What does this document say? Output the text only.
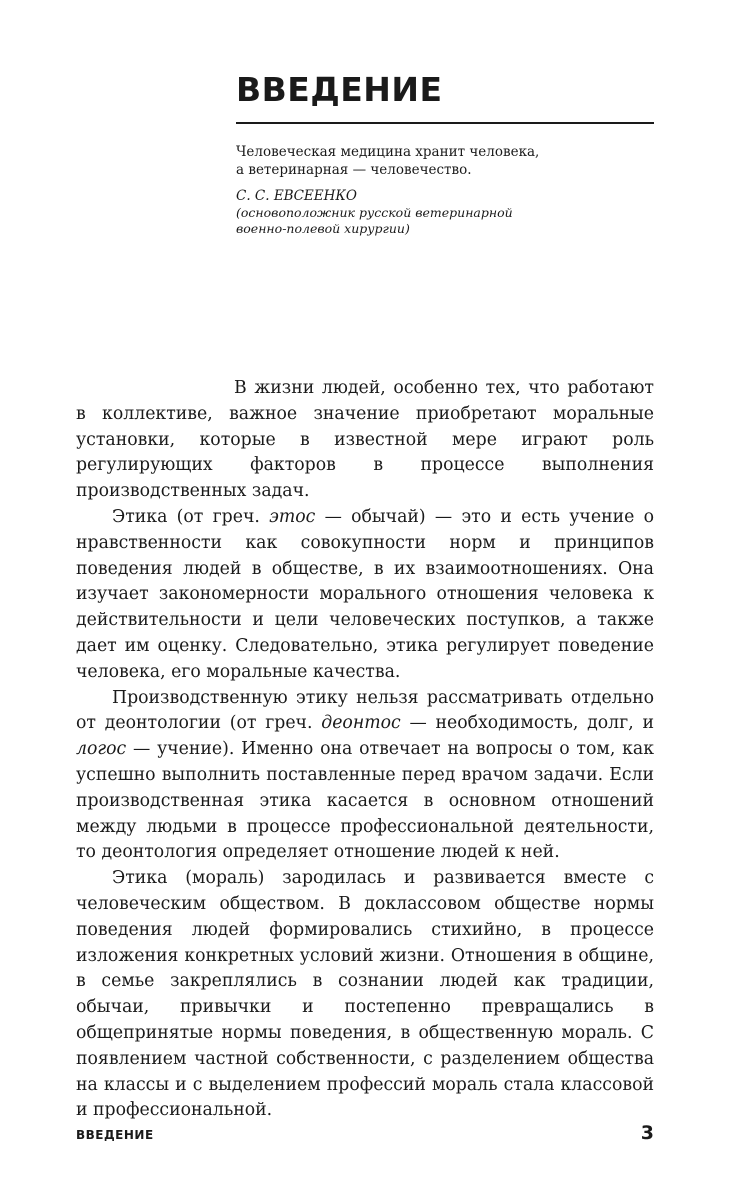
ВВЕДЕНИЕ

Человеческая медицина хранит человека,
а ветеринарная — человечество.

С. С. ЕВСЕЕНКО

(основоположник русской ветеринарной
военно-полевой хирургии)

В жизни людей, особенно тех, что работают в коллективе, важное значение приобретают моральные установки, которые в известной мере играют роль регулирующих факторов в процессе выполнения производственных задач.

Этика (от греч. этос — обычай) — это и есть учение о нравственности как совокупности норм и принципов поведения людей в обществе, в их взаимоотношениях. Она изучает закономерности морального отношения человека к действительности и цели человеческих поступков, а также дает им оценку. Следовательно, этика регулирует поведение человека, его моральные качества.

Производственную этику нельзя рассматривать отдельно от деонтологии (от греч. деонтос — необходимость, долг, и логос — учение). Именно она отвечает на вопросы о том, как успешно выполнить поставленные перед врачом задачи. Если производственная этика касается в основном отношений между людьми в процессе профессиональной деятельности, то деонтология определяет отношение людей к ней.

Этика (мораль) зародилась и развивается вместе с человеческим обществом. В доклассовом обществе нормы поведения людей формировались стихийно, в процессе изложения конкретных условий жизни. Отношения в общине, в семье закреплялись в сознании людей как традиции, обычаи, привычки и постепенно превращались в общепринятые нормы поведения, в общественную мораль. С появлением частной собственности, с разделением общества на классы и с выделением профессий мораль стала классовой и профессиональной.

ВВЕДЕНИЕ	3
